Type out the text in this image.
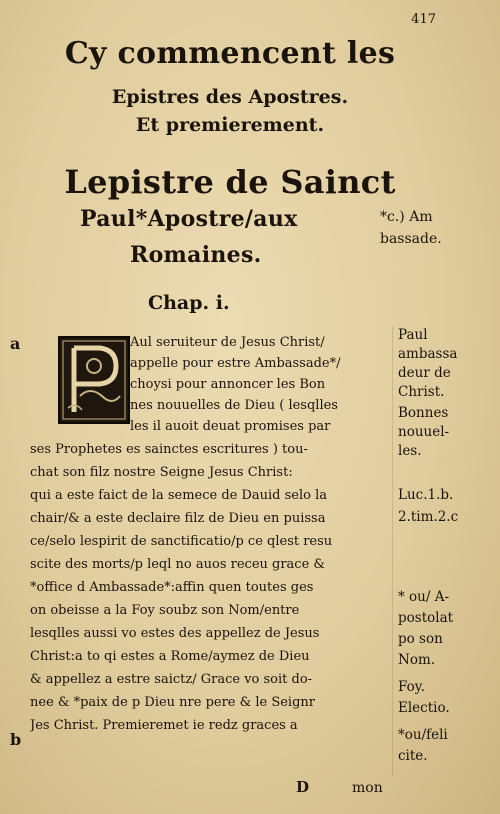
417
Cy commencent les
Epistres des Apostres.
Et premierement.
Lepistre de Sainct
Paul*Apostre/aux
Romaines.
*c.) Am
bassade.
Chap. i.
a
b
Aul seruiteur de Jesus Christ/
appelle pour estre Ambassade*/
choysi pour annoncer les Bon
nes nouuelles de Dieu ( lesqlles
les il auoit deuat promises par
ses Prophetes es sainctes escritures ) tou-
chat son filz nostre Seigne Jesus Christ:
qui a este faict de la semece de Dauid selo la
chair/& a este declaire filz de Dieu en puissa
ce/selo lespirit de sanctificatio/p ce qlest resu
scite des morts/p leql no auos receu grace &
*office d Ambassade*:affin quen toutes ges
on obeisse a la Foy soubz son Nom/entre
lesqlles aussi vo estes des appellez de Jesus
Christ:a to qi estes a Rome/aymez de Dieu
& appellez a estre saictz/ Grace vo soit do-
nee & *paix de p Dieu nre pere & le Seignr
Jes Christ. Premieremet ie redz graces a
Paul
ambassa
deur de
Christ.
Bonnes
nouuel-
les.
Luc.1.b.
2.tim.2.c
* ou/ A-
postolat
po son
Nom.
Foy.
Electio.
*ou/feli
cite.
D	mon
